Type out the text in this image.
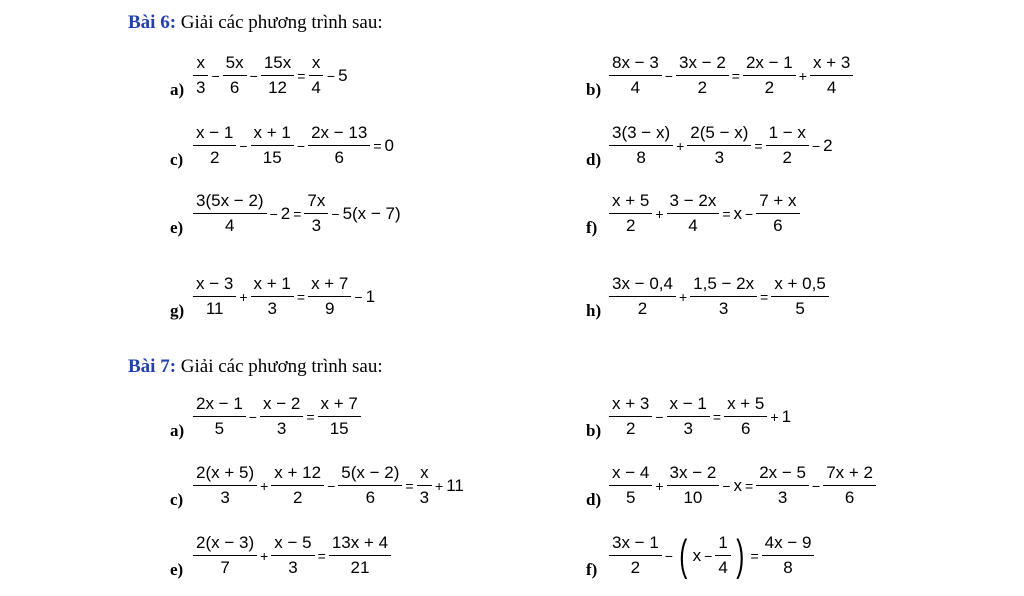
Bài 6: Giải các phương trình sau:
$a) \frac{x}{3} - \frac{5x}{6} - \frac{15x}{12} = \frac{x}{4} - 5$
$b) \frac{8x - 3}{4} - \frac{3x - 2}{2} = \frac{2x - 1}{2} + \frac{x + 3}{4}$
$c) \frac{x - 1}{2} - \frac{x + 1}{15} - \frac{2x - 13}{6} = 0$
$d) \frac{3(3 - x)}{8} + \frac{2(5 - x)}{3} = \frac{1 - x}{2} - 2$
$e) \frac{3(5x - 2)}{4} - 2 = \frac{7x}{3} - 5(x - 7)$
$f) \frac{x + 5}{2} + \frac{3 - 2x}{4} = x - \frac{7 + x}{6}$
$g) \frac{x - 3}{11} + \frac{x + 1}{3} = \frac{x + 7}{9} - 1$
$h) \frac{3x - 0,4}{2} + \frac{1,5 - 2x}{3} = \frac{x + 0,5}{5}$
Bài 7: Giải các phương trình sau:
$a) \frac{2x - 1}{5} - \frac{x - 2}{3} = \frac{x + 7}{15}$	$b) \frac{x + 3}{2} - \frac{x - 1}{3} = \frac{x + 5}{6} + 1$
$c) \frac{2(x + 5)}{3} + \frac{x + 12}{2} - \frac{5(x - 2)}{6} = \frac{x}{3} + 11$
$d) \frac{x - 4}{5} + \frac{3x - 2}{10} - x = \frac{2x - 5}{3} - \frac{7x + 2}{6}$
$e) \frac{2(x - 3)}{7} + \frac{x - 5}{3} = \frac{13x + 4}{21}$	$f) \frac{3x - 1}{2}$ − ( $x - \frac{1}{4}$ ) = $\frac{4x - 9}{8}$
